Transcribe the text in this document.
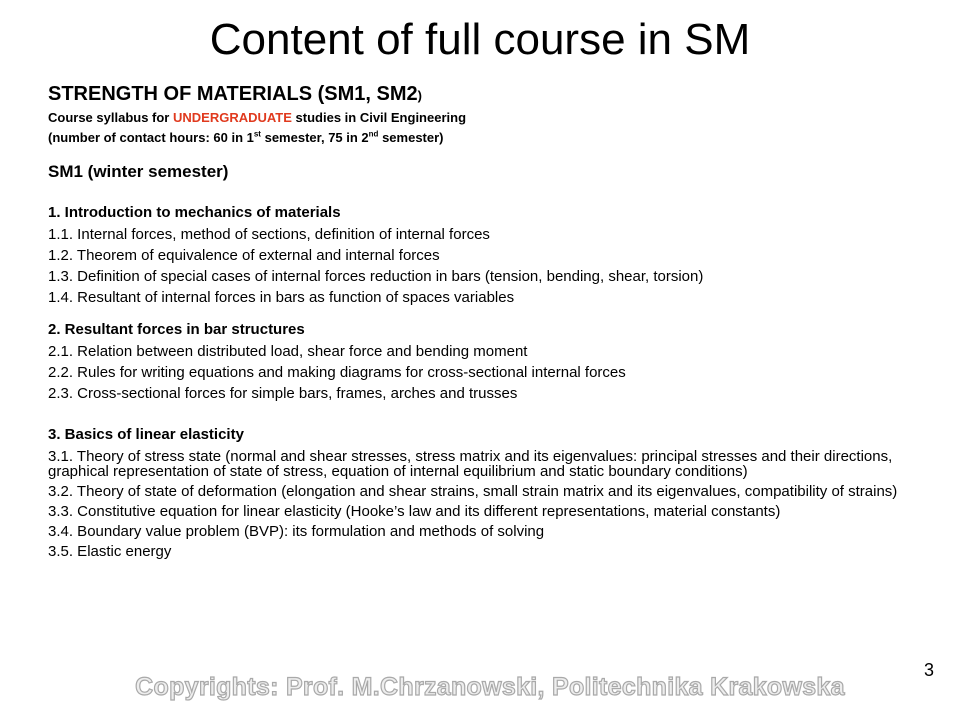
Content of full course in SM

STRENGTH OF MATERIALS (SM1, SM2)

Course syllabus for UNDERGRADUATE studies in Civil Engineering

(number of contact hours: 60 in 1st semester, 75 in 2nd semester)

SM1 (winter semester)

1. Introduction to mechanics of materials

1.1. Internal forces, method of sections, definition of internal forces

1.2. Theorem of equivalence of external and internal forces

1.3. Definition of special cases of internal forces reduction in bars (tension, bending, shear, torsion)

1.4. Resultant of internal forces in bars as function of spaces variables

2. Resultant forces in bar structures

2.1. Relation between distributed load, shear force and bending moment

2.2. Rules for writing equations and making diagrams for cross-sectional internal forces

2.3. Cross-sectional forces for simple bars, frames, arches and trusses

3. Basics of linear elasticity

3.1. Theory of stress state (normal and shear stresses, stress matrix and its eigenvalues: principal stresses and their directions, graphical representation of state of stress, equation of internal equilibrium and static boundary conditions)

3.2. Theory of state of deformation (elongation and shear strains, small strain matrix and its eigenvalues, compatibility of strains)

3.3. Constitutive equation for linear elasticity (Hooke’s law and its different representations, material constants)

3.4. Boundary value problem (BVP): its formulation and methods of solving

3.5. Elastic energy

3
Copyrights: Prof. M.Chrzanowski, Politechnika Krakowska
